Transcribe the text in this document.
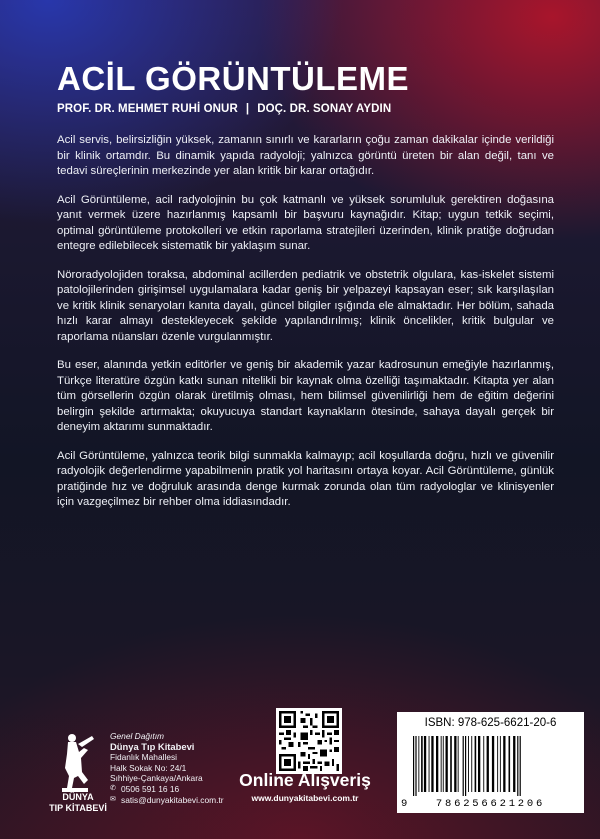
ACİL GÖRÜNTÜLEME
PROF. DR. MEHMET RUHİ ONUR | DOÇ. DR. SONAY AYDIN

Acil servis, belirsizliğin yüksek, zamanın sınırlı ve kararların çoğu zaman dakikalar içinde verildiği bir klinik ortamdır. Bu dinamik yapıda radyoloji; yalnızca görüntü üreten bir alan değil, tanı ve tedavi süreçlerinin merkezinde yer alan kritik bir karar ortağıdır.

Acil Görüntüleme, acil radyolojinin bu çok katmanlı ve yüksek sorumluluk gerektiren doğasına yanıt vermek üzere hazırlanmış kapsamlı bir başvuru kaynağıdır. Kitap; uygun tetkik seçimi, optimal görüntüleme protokolleri ve etkin raporlama stratejileri üzerinden, klinik pratiğe doğrudan entegre edilebilecek sistematik bir yaklaşım sunar.

Nöroradyolojiden toraksa, abdominal acillerden pediatrik ve obstetrik olgulara, kas-iskelet sistemi patolojilerinden girişimsel uygulamalara kadar geniş bir yelpazeyi kapsayan eser; sık karşılaşılan ve kritik klinik senaryoları kanıta dayalı, güncel bilgiler ışığında ele almaktadır. Her bölüm, sahada hızlı karar almayı destekleyecek şekilde yapılandırılmış; klinik öncelikler, kritik bulgular ve raporlama nüansları özenle vurgulanmıştır.

Bu eser, alanında yetkin editörler ve geniş bir akademik yazar kadrosunun emeğiyle hazırlanmış, Türkçe literatüre özgün katkı sunan nitelikli bir kaynak olma özelliği taşımaktadır. Kitapta yer alan tüm görsellerin özgün olarak üretilmiş olması, hem bilimsel güvenilirliği hem de eğitim değerini belirgin şekilde artırmakta; okuyucuya standart kaynakların ötesinde, sahaya dayalı gerçek bir deneyim aktarımı sunmaktadır.

Acil Görüntüleme, yalnızca teorik bilgi sunmakla kalmayıp; acil koşullarda doğru, hızlı ve güvenilir radyolojik değerlendirme yapabilmenin pratik yol haritasını ortaya koyar. Acil Görüntüleme, günlük pratiğinde hız ve doğruluk arasında denge kurmak zorunda olan tüm radyologlar ve klinisyenler için vazgeçilmez bir rehber olma iddiasındadır.

DÜNYA
TIP KİTABEVİ
Genel Dağıtım
Dünya Tıp Kitabevi
Fidanlık Mahallesi
Halk Sokak No: 24/1
Sıhhiye-Çankaya/Ankara
✆ 0506 591 16 16
✉ satis@dunyakitabevi.com.tr
Online Alışveriş
www.dunyakitabevi.com.tr
ISBN: 978-625-6621-20-6
9	786256621206
